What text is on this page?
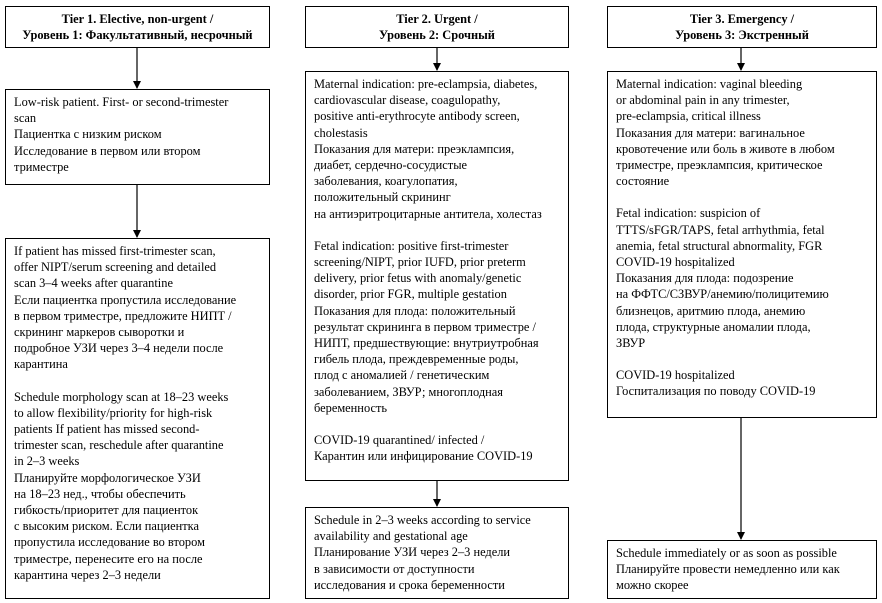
Tier 1. Elective, non-urgent /
Уровень 1: Факультативный, несрочный
Low-risk patient. First- or second-trimester
scan
Пациентка с низким риском
Исследование в первом или втором
триместре
If patient has missed first-trimester scan,
offer NIPT/serum screening and detailed
scan 3–4 weeks after quarantine
Если пациентка пропустила исследование
в первом триместре, предложите НИПТ /
скрининг маркеров сыворотки и
подробное УЗИ через 3–4 недели после
карантина
Schedule morphology scan at 18–23 weeks
to allow flexibility/priority for high-risk
patients If patient has missed second-
trimester scan, reschedule after quarantine
in 2–3 weeks
Планируйте морфологическое УЗИ
на 18–23 нед., чтобы обеспечить
гибкость/приоритет для пациенток
с высоким риском. Если пациентка
пропустила исследование во втором
триместре, перенесите его на после
карантина через 2–3 недели
Tier 2. Urgent /
Уровень 2: Срочный
Maternal indication: pre-eclampsia, diabetes,
cardiovascular disease, coagulopathy,
positive anti-erythrocyte antibody screen,
cholestasis
Показания для матери: преэклампсия,
диабет, сердечно-сосудистые
заболевания, коагулопатия,
положительный скрининг
на антиэритроцитарные антитела, холестаз
Fetal indication: positive first-trimester
screening/NIPT, prior IUFD, prior preterm
delivery, prior fetus with anomaly/genetic
disorder, prior FGR, multiple gestation
Показания для плода: положительный
результат скрининга в первом триместре /
НИПТ, предшествующие: внутриутробная
гибель плода, преждевременные роды,
плод с аномалией / генетическим
заболеванием, ЗВУР; многоплодная
беременность
COVID-19 quarantined/ infected /
Карантин или инфицирование COVID-19
Schedule in 2–3 weeks according to service
availability and gestational age
Планирование УЗИ через 2–3 недели
в зависимости от доступности
исследования и срока беременности
Tier 3. Emergency /
Уровень 3: Экстренный
Maternal indication: vaginal bleeding
or abdominal pain in any trimester,
pre-eclampsia, critical illness
Показания для матери: вагинальное
кровотечение или боль в животе в любом
триместре, преэклампсия, критическое
состояние
Fetal indication: suspicion of
TTTS/sFGR/TAPS, fetal arrhythmia, fetal
anemia, fetal structural abnormality, FGR
COVID-19 hospitalized
Показания для плода: подозрение
на ФФТС/СЗВУР/анемию/полицитемию
близнецов, аритмию плода, анемию
плода, структурные аномалии плода,
ЗВУР
COVID-19 hospitalized
Госпитализация по поводу COVID-19
Schedule immediately or as soon as possible
Планируйте провести немедленно или как
можно скорее
